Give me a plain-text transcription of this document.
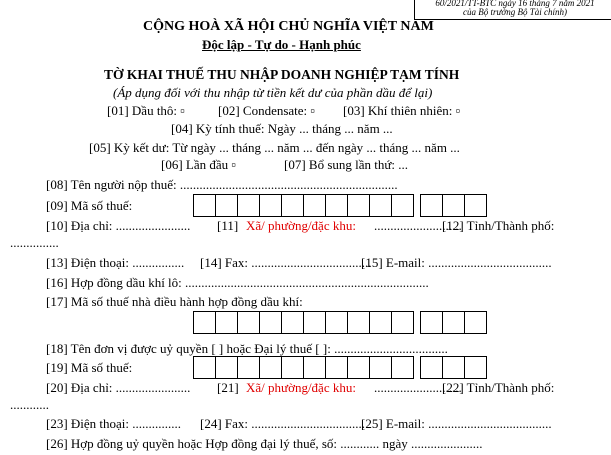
60/2021/TT-BTC ngày 16 tháng 7 năm 2021
của Bộ trưởng Bộ Tài chính)
CỘNG HOÀ XÃ HỘI CHỦ NGHĨA VIỆT NAM
Độc lập - Tự do - Hạnh phúc
TỜ KHAI THUẾ THU NHẬP DOANH NGHIỆP TẠM TÍNH
(Áp dụng đối với thu nhập từ tiền kết dư của phần dầu để lại)
[01] Dầu thô: ▫	[02] Condensate: ▫ [03] Khí thiên nhiên: ▫
[04] Kỳ tính thuế: Ngày ... tháng ... năm ...
[05] Kỳ kết dư: Từ ngày ... tháng ... năm ... đến ngày ... tháng ... năm ...
[06] Lần đầu ▫	[07] Bổ sung lần thứ: ...
[08] Tên người nộp thuế: ...................................................................
[09] Mã số thuế:
[10] Địa chỉ: ....................... [11] Xã/ phường/đặc khu: ...........................
[12] Tỉnh/Thành phố:
...............
[13] Điện thoại: ................ [14] Fax: .....................................
[15] E-mail: ......................................
[16] Hợp đồng dầu khí lô: ...........................................................................
[17] Mã số thuế nhà điều hành hợp đồng dầu khí:
[18] Tên đơn vị được uỷ quyền [ ] hoặc Đại lý thuế [ ]: ...................................
[19] Mã số thuế:
[20] Địa chỉ: ....................... [21] Xã/ phường/đặc khu: ...........................
[22] Tỉnh/Thành phố:
............
[23] Điện thoại: ............... [24] Fax: ...................................
[25] E-mail: ......................................
[26] Hợp đồng uỷ quyền hoặc Hợp đồng đại lý thuế, số: ............ ngày ......................
